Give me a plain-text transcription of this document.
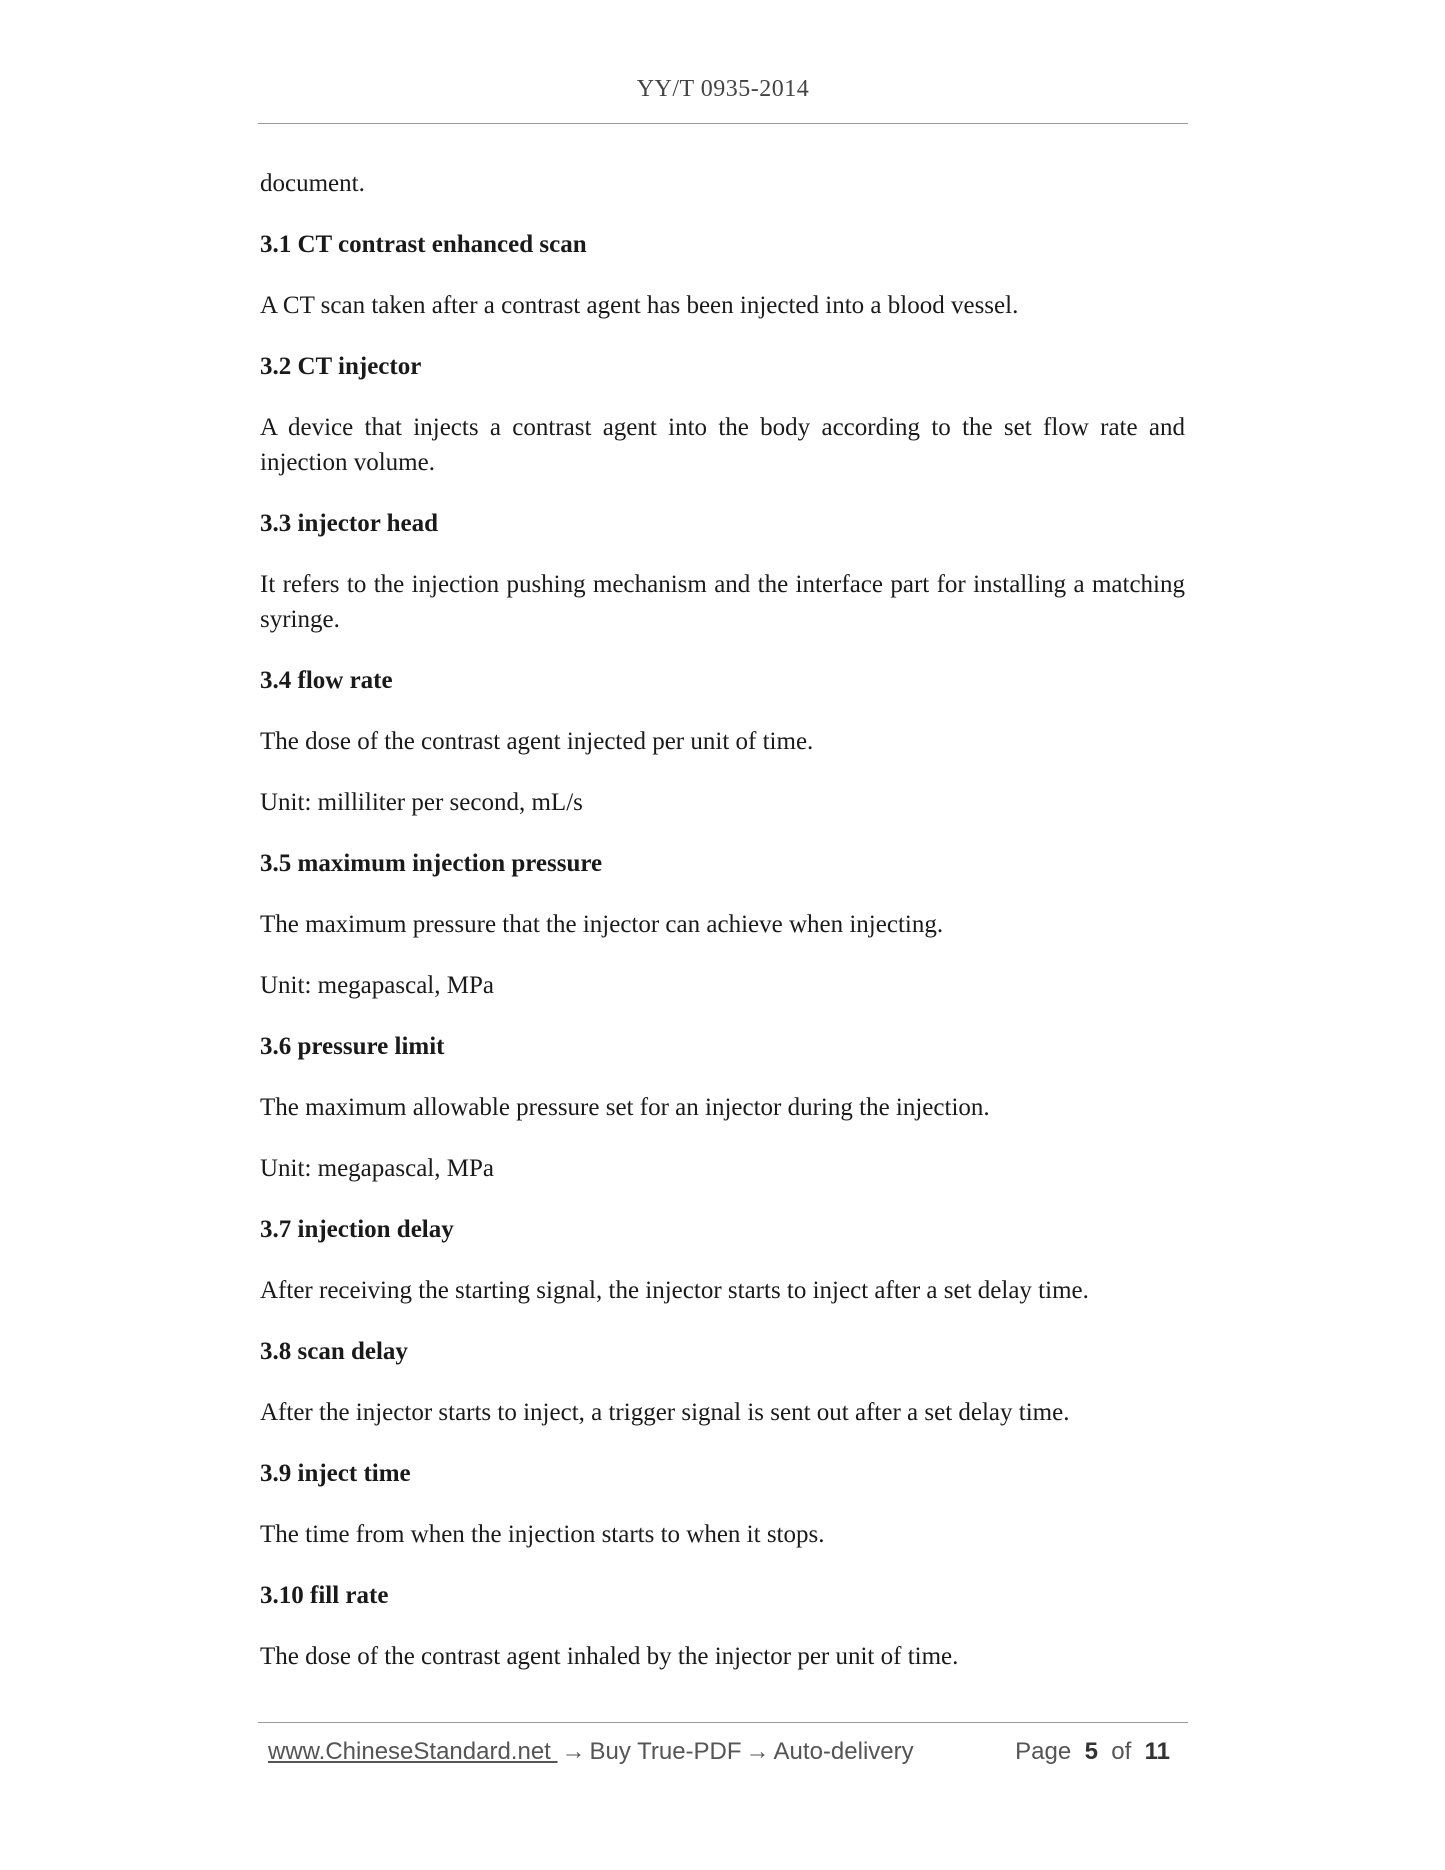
YY/T 0935-2014

document.

3.1 CT contrast enhanced scan

A CT scan taken after a contrast agent has been injected into a blood vessel.

3.2 CT injector

A device that injects a contrast agent into the body according to the set flow rate and injection volume.

3.3 injector head

It refers to the injection pushing mechanism and the interface part for installing a matching syringe.

3.4 flow rate

The dose of the contrast agent injected per unit of time.

Unit: milliliter per second, mL/s

3.5 maximum injection pressure

The maximum pressure that the injector can achieve when injecting.

Unit: megapascal, MPa

3.6 pressure limit

The maximum allowable pressure set for an injector during the injection.

Unit: megapascal, MPa

3.7 injection delay

After receiving the starting signal, the injector starts to inject after a set delay time.

3.8 scan delay

After the injector starts to inject, a trigger signal is sent out after a set delay time.

3.9 inject time

The time from when the injection starts to when it stops.

3.10 fill rate

The dose of the contrast agent inhaled by the injector per unit of time.

www.ChineseStandard.net → Buy True-PDF → Auto-delivery	Page 5 of 11
